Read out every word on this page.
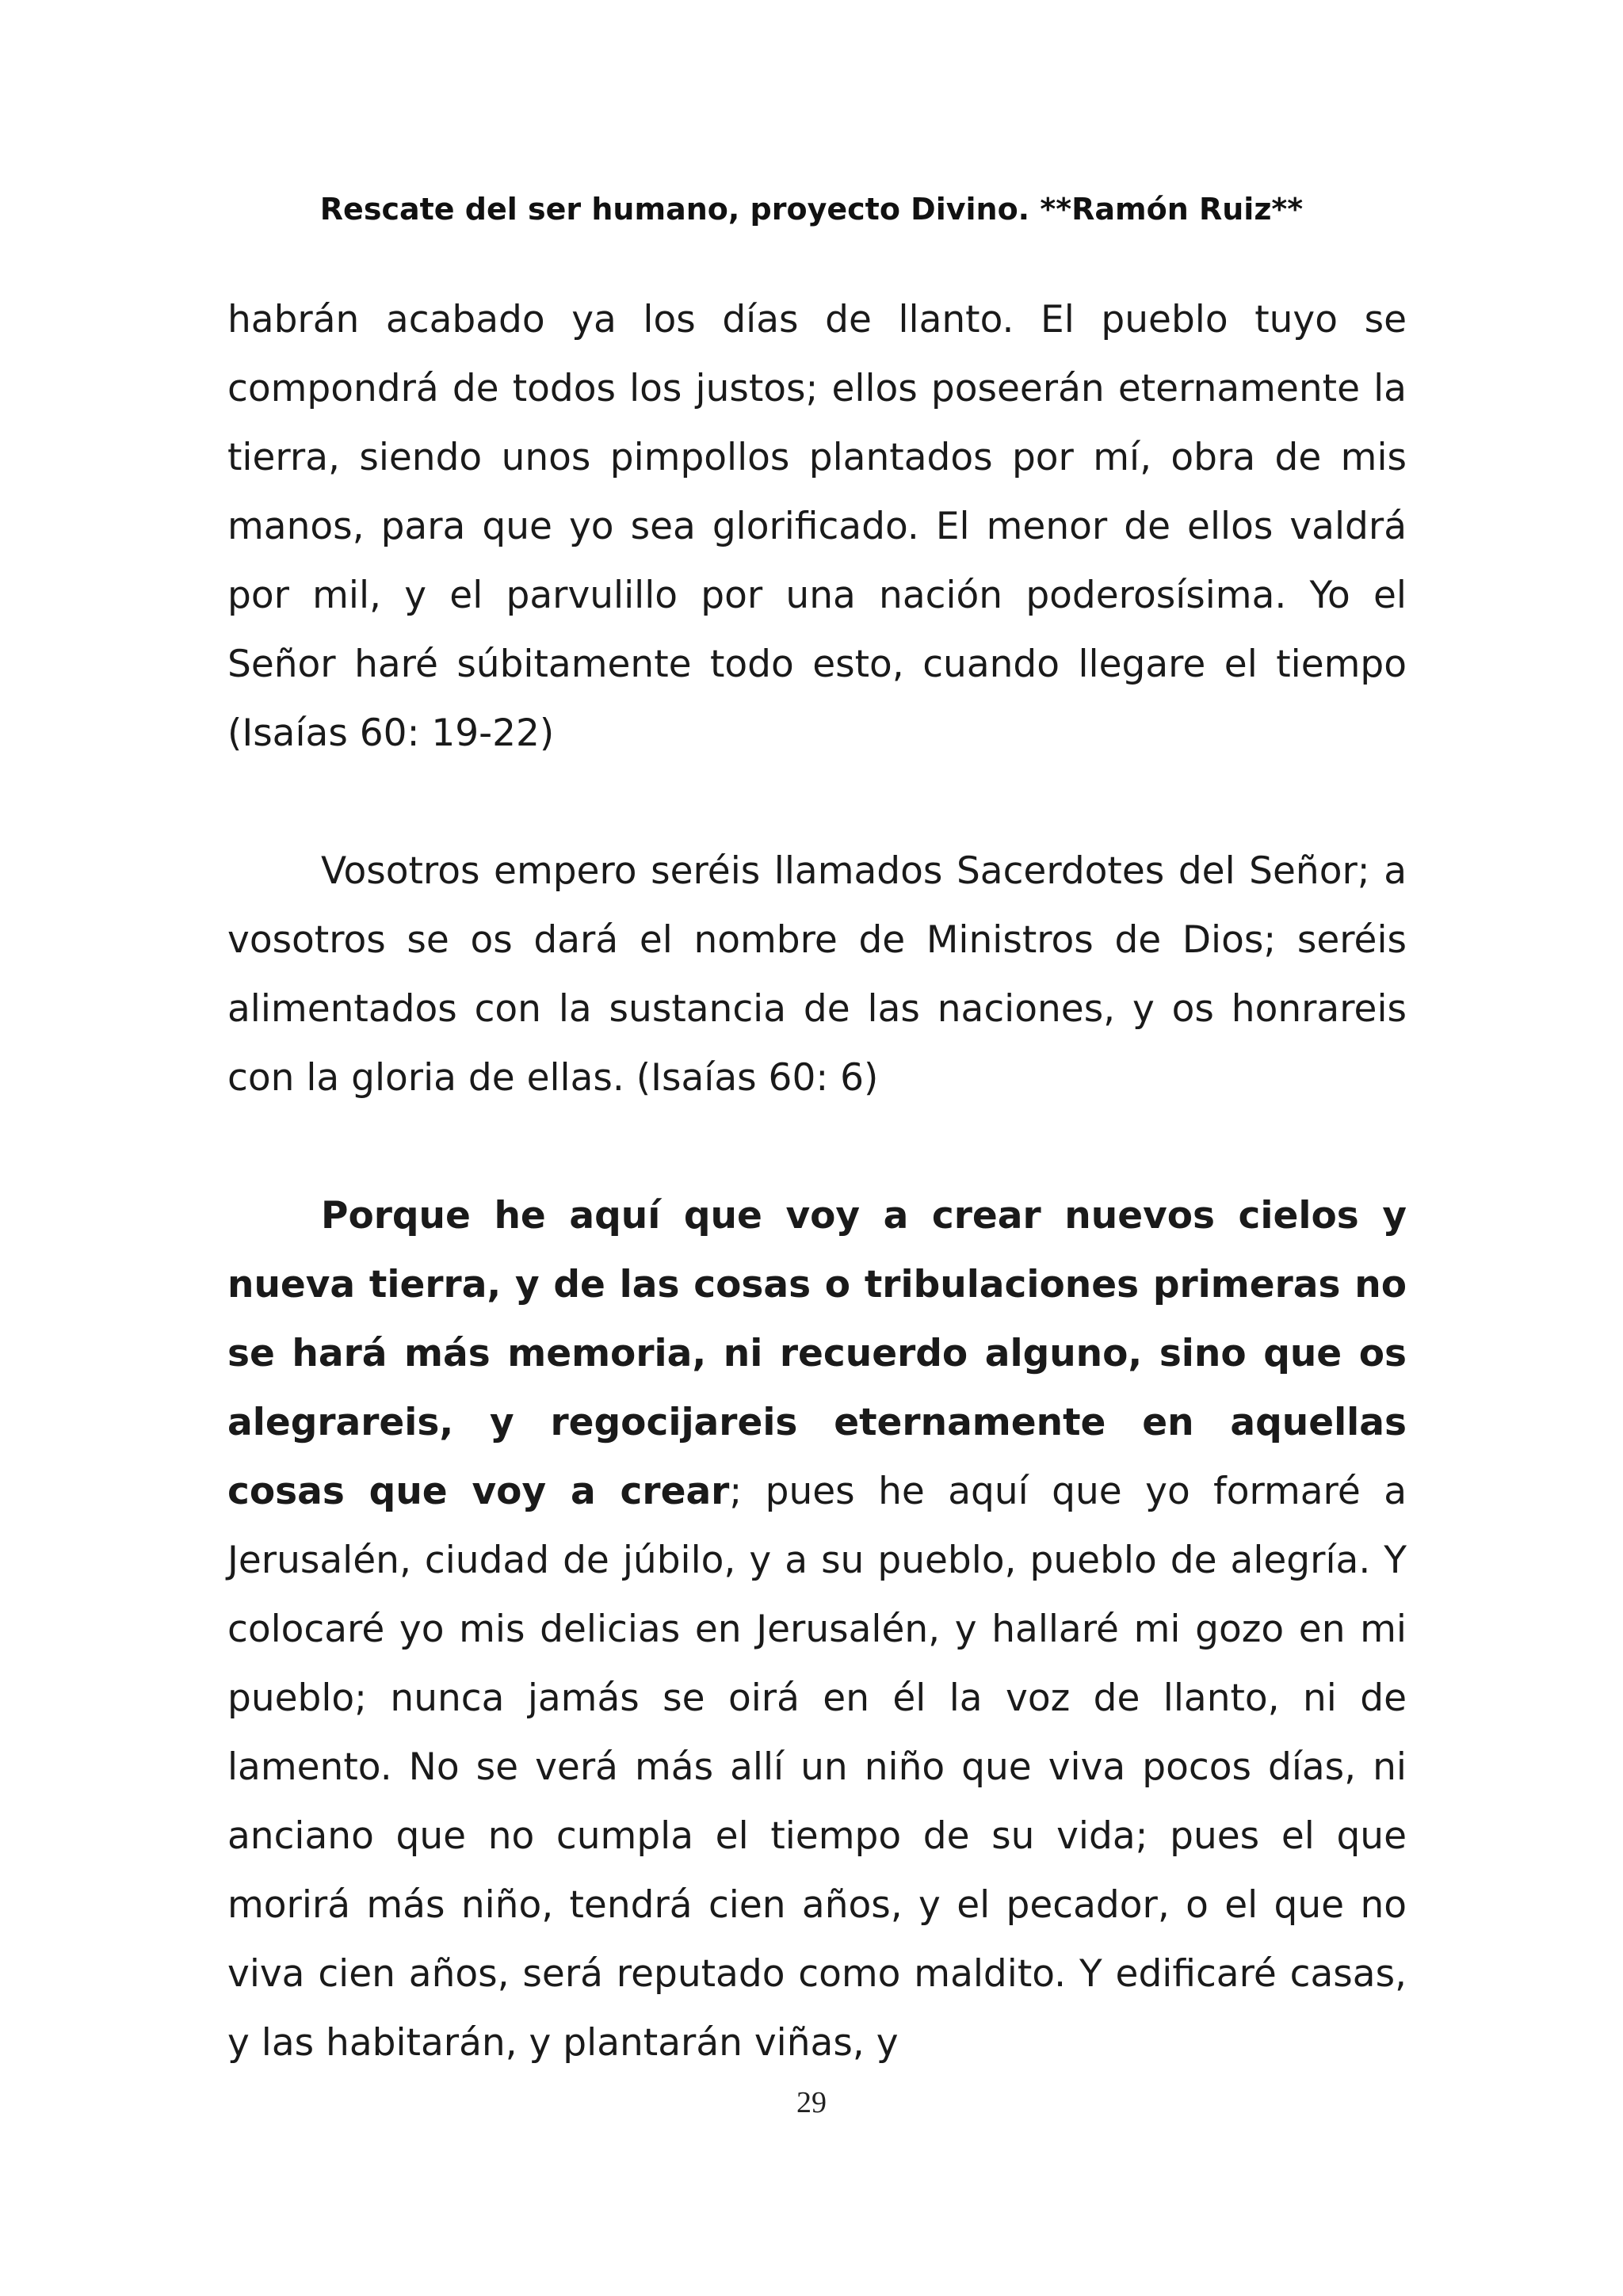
Rescate del ser humano, proyecto Divino. **Ramón Ruiz**

habrán acabado ya los días de llanto. El pueblo tuyo se compondrá de todos los justos; ellos poseerán eternamente la tierra, siendo unos pimpollos plantados por mí, obra de mis manos, para que yo sea glorificado. El menor de ellos valdrá por mil, y el parvulillo por una nación poderosísima. Yo el Señor haré súbitamente todo esto, cuando llegare el tiempo (Isaías 60: 19-22)

Vosotros empero seréis llamados Sacerdotes del Señor; a vosotros se os dará el nombre de Ministros de Dios; seréis alimentados con la sustancia de las naciones, y os honrareis con la gloria de ellas. (Isaías 60: 6)

Porque he aquí que voy a crear nuevos cielos y nueva tierra, y de las cosas o tribulaciones primeras no se hará más memoria, ni recuerdo alguno, sino que os alegrareis, y regocijareis eternamente en aquellas cosas que voy a crear; pues he aquí que yo formaré a Jerusalén, ciudad de júbilo, y a su pueblo, pueblo de alegría. Y colocaré yo mis delicias en Jerusalén, y hallaré mi gozo en mi pueblo; nunca jamás se oirá en él la voz de llanto, ni de lamento. No se verá más allí un niño que viva pocos días, ni anciano que no cumpla el tiempo de su vida; pues el que morirá más niño, tendrá cien años, y el pecador, o el que no viva cien años, será reputado como maldito. Y edificaré casas, y las habitarán, y plantarán viñas, y

29
